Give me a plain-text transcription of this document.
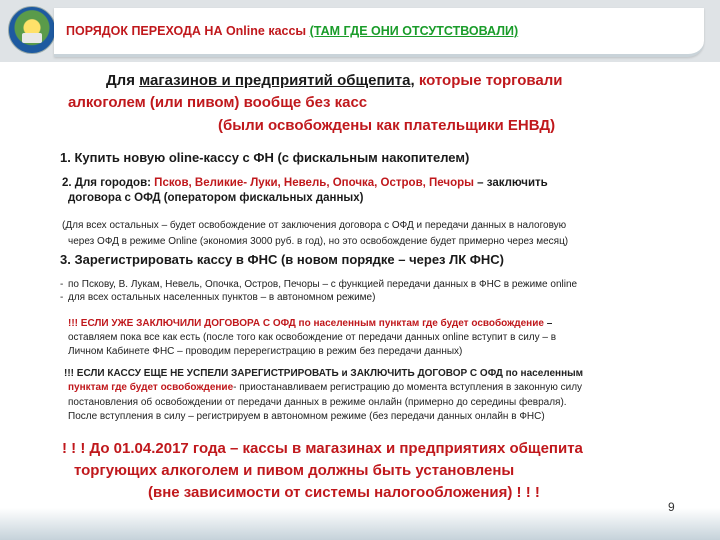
ПОРЯДОК ПЕРЕХОДА НА Online кассы (ТАМ ГДЕ ОНИ ОТСУТСТВОВАЛИ)
Для магазинов и предприятий общепита, которые торговали
алкоголем (или пивом) вообще без касс
(были освобождены как плательщики ЕНВД)
1. Купить новую oline-кассу с ФН (с фискальным накопителем)
2. Для городов: Псков, Великие- Луки, Невель, Опочка, Остров, Печоры – заключить
договора с ОФД (оператором фискальных данных)
(Для всех остальных – будет освобождение от заключения договора с ОФД и передачи данных в налоговую
через ОФД в режиме Online (экономия 3000 руб. в год), но это освобождение будет примерно через месяц)
3. Зарегистрировать кассу в ФНС (в новом порядке – через ЛК ФНС)
- по Пскову, В. Лукам, Невель, Опочка, Остров, Печоры – с функцией передачи данных в ФНС в режиме online
- для всех остальных населенных пунктов – в автономном режиме)
!!! ЕСЛИ УЖЕ ЗАКЛЮЧИЛИ ДОГОВОРА С ОФД по населенным пунктам где будет освобождение –
оставляем пока все как есть (после того как освобождение от передачи данных online вступит в силу – в
Личном Кабинете ФНС – проводим перерегистрацию в режим без передачи данных)
!!! ЕСЛИ КАССУ ЕЩЕ НЕ УСПЕЛИ ЗАРЕГИСТРИРОВАТЬ и ЗАКЛЮЧИТЬ ДОГОВОР С ОФД по населенным
пунктам где будет освобождение- приостанавливаем регистрацию до момента вступления в законную силу
постановления об освобождении от передачи данных в режиме онлайн (примерно до середины февраля).
После вступления в силу – регистрируем в автономном режиме (без передачи данных онлайн в ФНС)
! ! ! До 01.04.2017 года – кассы в магазинах и предприятиях общепита
торгующих алкоголем и пивом должны быть установлены
(вне зависимости от системы налогообложения) ! ! !
9
